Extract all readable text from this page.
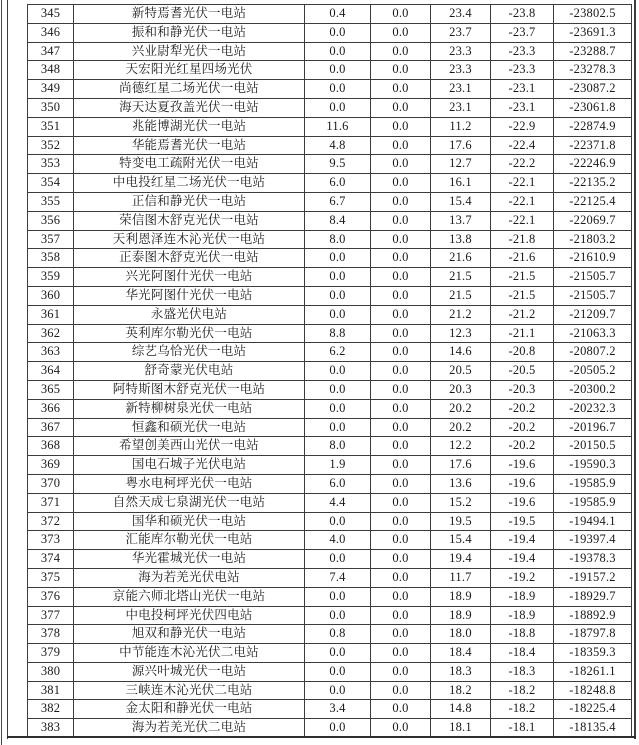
345	新特焉耆光伏一电站	0.4	0.0	23.4	-23.8	-23802.5
346	振和和静光伏一电站	0.0	0.0	23.7	-23.7	-23691.3
347	兴业尉犁光伏一电站	0.0	0.0	23.3	-23.3	-23288.7
348	天宏阳光红星四场光伏	0.0	0.0	23.3	-23.3	-23278.3
349	尚德红星二场光伏一电站	0.0	0.0	23.1	-23.1	-23087.2
350	海天达夏孜盖光伏一电站	0.0	0.0	23.1	-23.1	-23061.8
351	兆能博湖光伏一电站	11.6	0.0	11.2	-22.9	-22874.9
352	华能焉耆光伏一电站	4.8	0.0	17.6	-22.4	-22371.8
353	特变电工疏附光伏一电站	9.5	0.0	12.7	-22.2	-22246.9
354	中电投红星二场光伏一电站	6.0	0.0	16.1	-22.1	-22135.2
355	正信和静光伏一电站	6.7	0.0	15.4	-22.1	-22125.4
356	荣信图木舒克光伏一电站	8.4	0.0	13.7	-22.1	-22069.7
357	天利恩泽连木沁光伏一电站	8.0	0.0	13.8	-21.8	-21803.2
358	正泰图木舒克光伏一电站	0.0	0.0	21.6	-21.6	-21610.9
359	兴光阿图什光伏一电站	0.0	0.0	21.5	-21.5	-21505.7
360	华光阿图什光伏一电站	0.0	0.0	21.5	-21.5	-21505.7
361	永盛光伏电站	0.0	0.0	21.2	-21.2	-21209.7
362	英利库尔勒光伏一电站	8.8	0.0	12.3	-21.1	-21063.3
363	综艺乌恰光伏一电站	6.2	0.0	14.6	-20.8	-20807.2
364	舒奇蒙光伏电站	0.0	0.0	20.5	-20.5	-20505.2
365	阿特斯图木舒克光伏一电站	0.0	0.0	20.3	-20.3	-20300.2
366	新特柳树泉光伏一电站	0.0	0.0	20.2	-20.2	-20232.3
367	恒鑫和硕光伏一电站	0.0	0.0	20.2	-20.2	-20196.7
368	希望创美西山光伏一电站	8.0	0.0	12.2	-20.2	-20150.5
369	国电石城子光伏电站	1.9	0.0	17.6	-19.6	-19590.3
370	粤水电柯坪光伏一电站	6.0	0.0	13.6	-19.6	-19585.9
371	自然天成七泉湖光伏一电站	4.4	0.0	15.2	-19.6	-19585.9
372	国华和硕光伏一电站	0.0	0.0	19.5	-19.5	-19494.1
373	汇能库尔勒光伏一电站	4.0	0.0	15.4	-19.4	-19397.4
374	华光霍城光伏一电站	0.0	0.0	19.4	-19.4	-19378.3
375	海为若羌光伏电站	7.4	0.0	11.7	-19.2	-19157.2
376	京能六师北塔山光伏一电站	0.0	0.0	18.9	-18.9	-18929.7
377	中电投柯坪光伏四电站	0.0	0.0	18.9	-18.9	-18892.9
378	旭双和静光伏一电站	0.8	0.0	18.0	-18.8	-18797.8
379	中节能连木沁光伏二电站	0.0	0.0	18.4	-18.4	-18359.3
380	源兴叶城光伏一电站	0.0	0.0	18.3	-18.3	-18261.1
381	三峡连木沁光伏二电站	0.0	0.0	18.2	-18.2	-18248.8
382	金太阳和静光伏一电站	3.4	0.0	14.8	-18.2	-18225.4
383	海为若羌光伏二电站	0.0	0.0	18.1	-18.1	-18135.4
